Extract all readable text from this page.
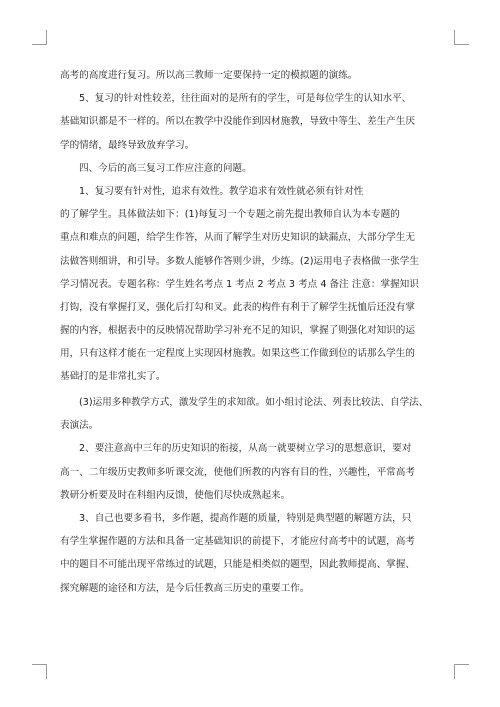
高考的高度进行复习。所以高三教师一定要保持一定的模拟题的演练。
5、复习的针对性较差，往往面对的是所有的学生，可是每位学生的认知水平、
基础知识都是不一样的。所以在教学中没能作到因材施教，导致中等生、差生产生厌
学的情绪，最终导致放弃学习。
四、今后的高三复习工作应注意的问题。
1、复习要有针对性，追求有效性。教学追求有效性就必须有针对性
的了解学生。具体做法如下：(1)每复习一个专题之前先提出教师自认为本专题的
重点和难点的问题，给学生作答，从而了解学生对历史知识的缺漏点，大部分学生无
法做答则细讲，和引导。多数人能够作答则少讲，少练。(2)运用电子表格做一张学生
学习情况表。专题名称：学生姓名考点 1 考点 2 考点 3 考点 4 备注 注意：掌握知识
打钩，没有掌握打叉，强化后打勾和叉。此表的构件有利于了解学生抚恤后还没有掌
握的内容，根据表中的反映情况帮助学习补充不足的知识，掌握了则强化对知识的运
用，只有这样才能在一定程度上实现因材施教。如果这些工作做到位的话那么学生的
基础打的是非常扎实了。
(3)运用多种教学方式，激发学生的求知欲。如小组讨论法、列表比较法、自学法、
表演法。
2、要注意高中三年的历史知识的衔接，从高一就要树立学习的思想意识，要对
高一、二年级历史教师多听课交流，使他们所教的内容有目的性，兴趣性，平常高考
教研分析要及时在科组内反馈，使他们尽快成熟起来。
3、自己也要多看书，多作题，提高作题的质量，特别是典型题的解题方法，只
有学生掌握作题的方法和具备一定基础知识的前提下，才能应付高考中的试题，高考
中的题目不可能出现平常练过的试题，只能是相类似的题型，因此教师提高、掌握、
探究解题的途径和方法，是今后任教高三历史的重要工作。
